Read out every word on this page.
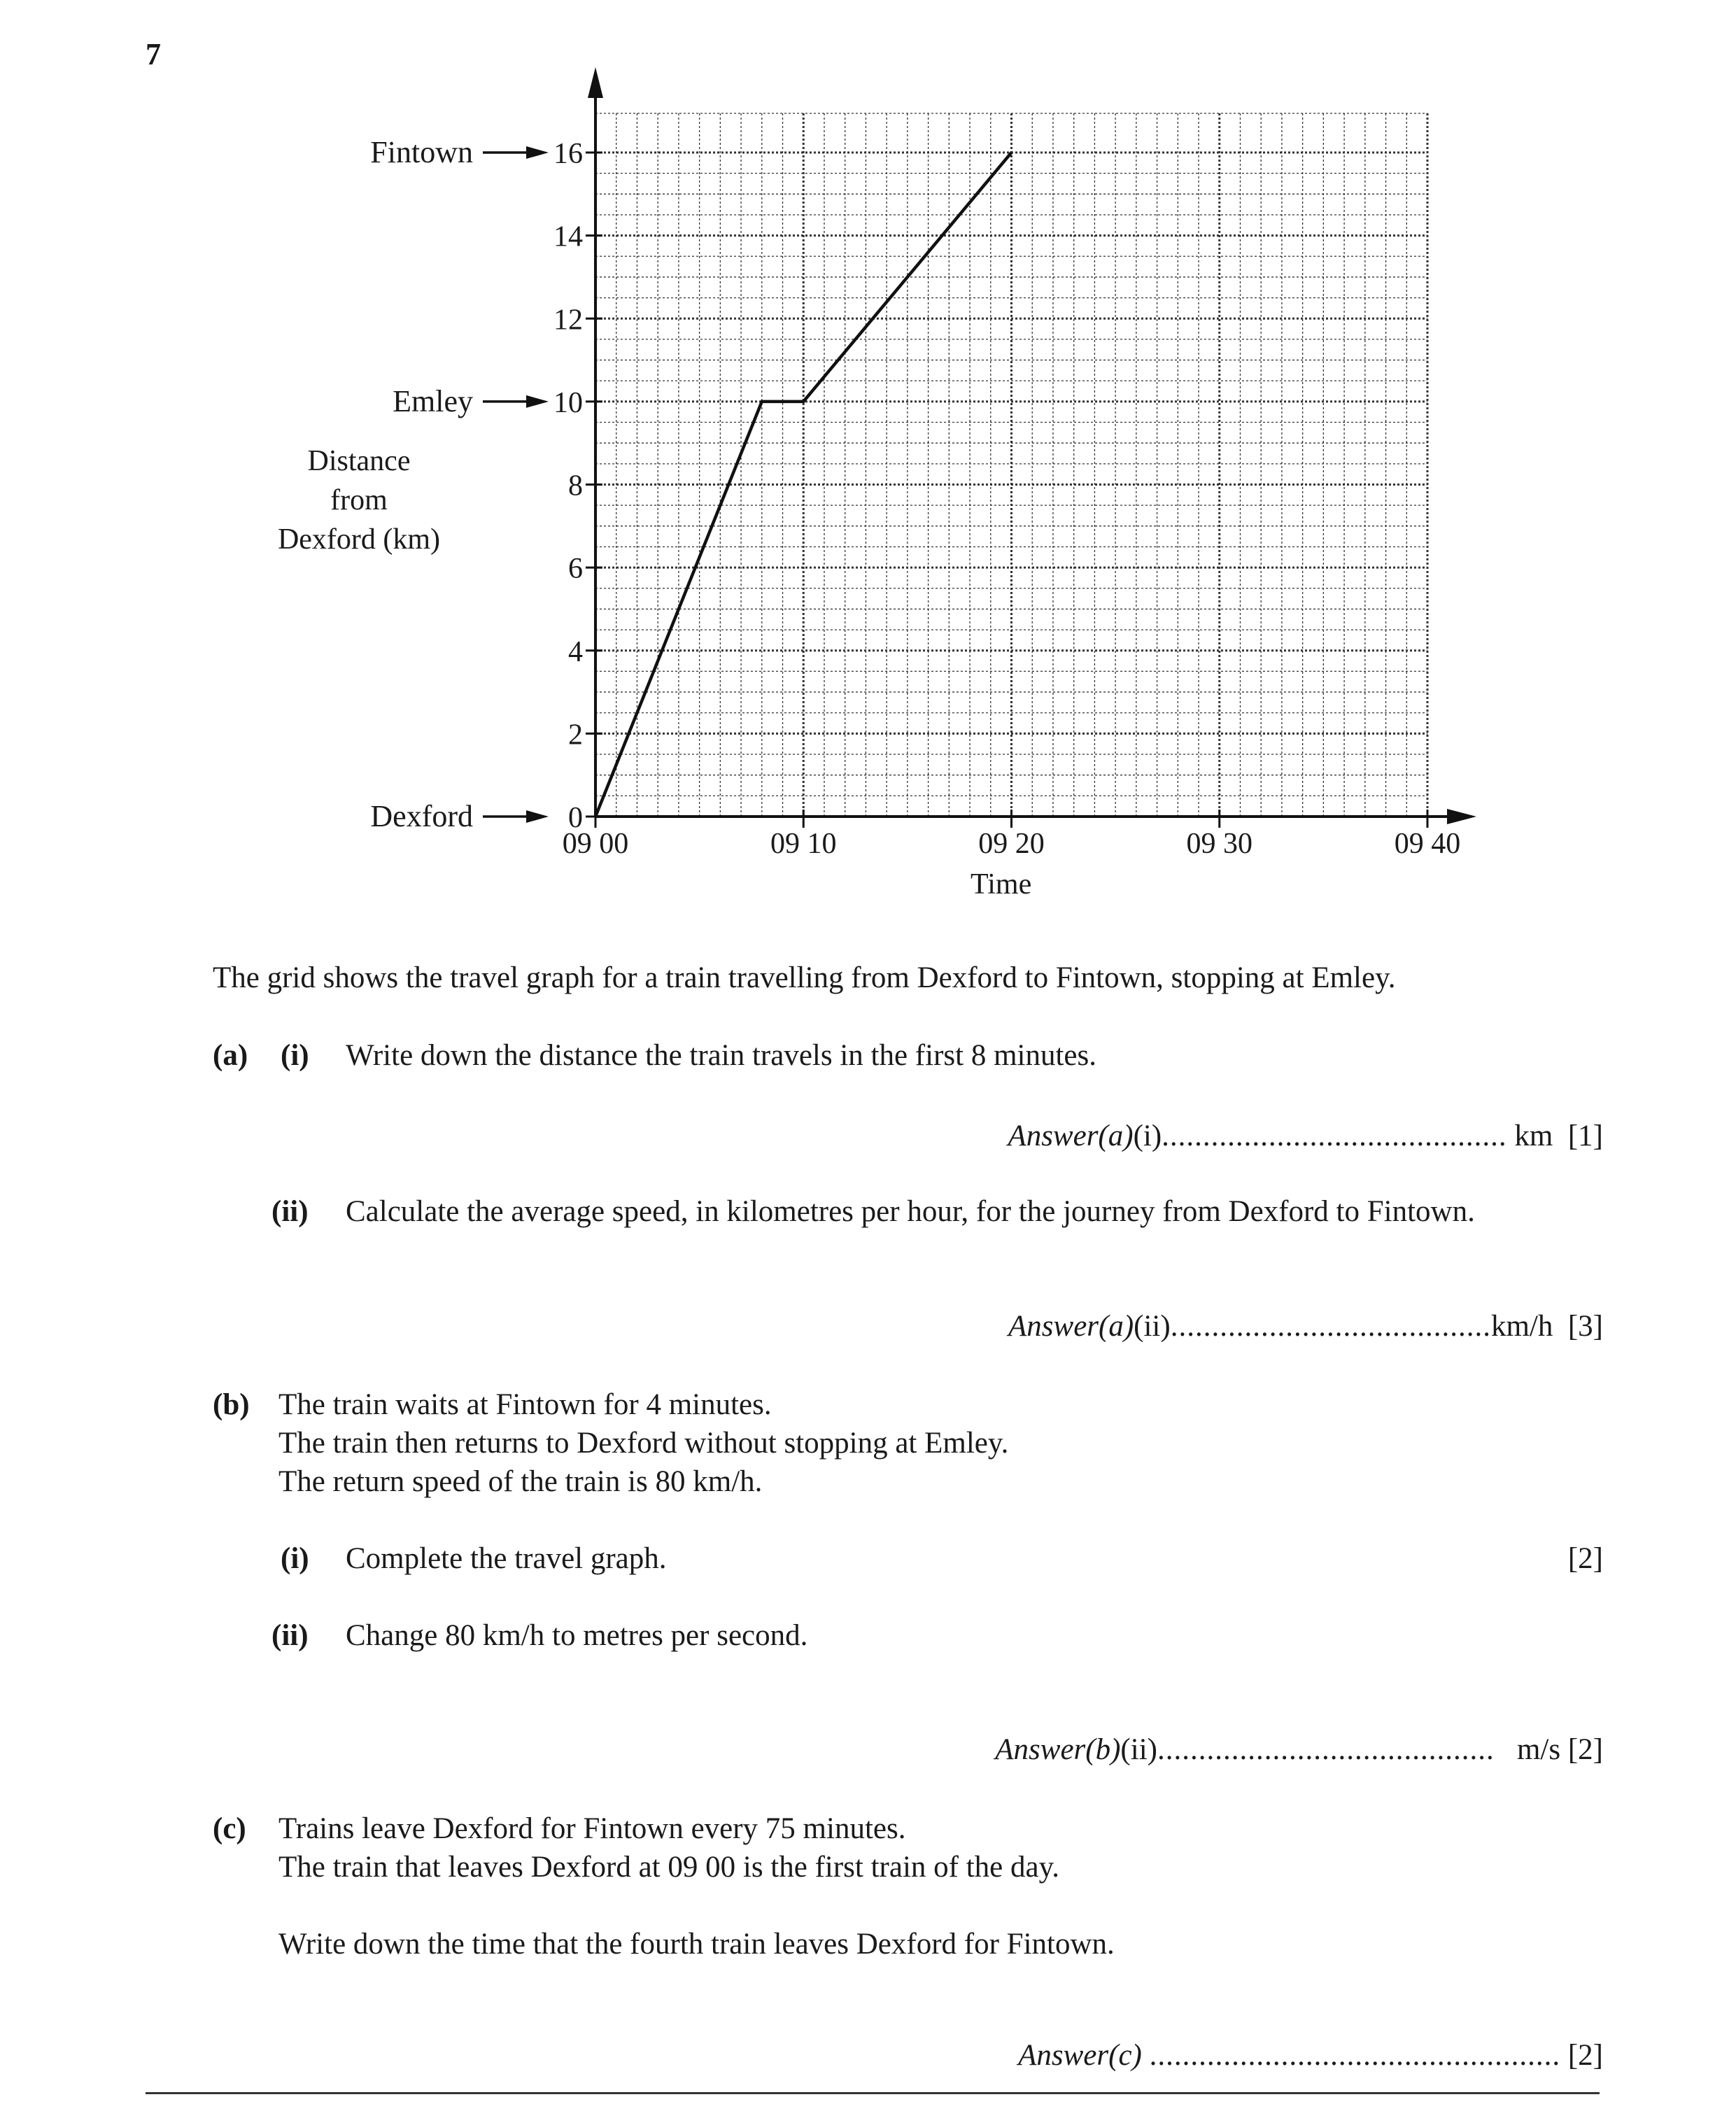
7
0
2
4
6
8
10
12
14
16
09 00	09 10	09 20	09 30	09 40
Time
Distance
from
Dexford (km)
Fintown
Emley
Dexford
The grid shows the travel graph for a train travelling from Dexford to Fintown, stopping at Emley.
(a) (i) Write down the distance the train travels in the first 8 minutes.
Answer(a)(i).......................................... km [1]
(ii) Calculate the average speed, in kilometres per hour, for the journey from Dexford to Fintown.
Answer(a)(ii).......................................km/h [3]
(b) The train waits at Fintown for 4 minutes.
The train then returns to Dexford without stopping at Emley.
The return speed of the train is 80 km/h.
(i) Complete the travel graph.	[2]
(ii) Change 80 km/h to metres per second.
Answer(b)(ii)......................................... m/s [2]
(c) Trains leave Dexford for Fintown every 75 minutes.
The train that leaves Dexford at 09 00 is the first train of the day.
Write down the time that the fourth train leaves Dexford for Fintown.
Answer(c) .................................................. [2]
